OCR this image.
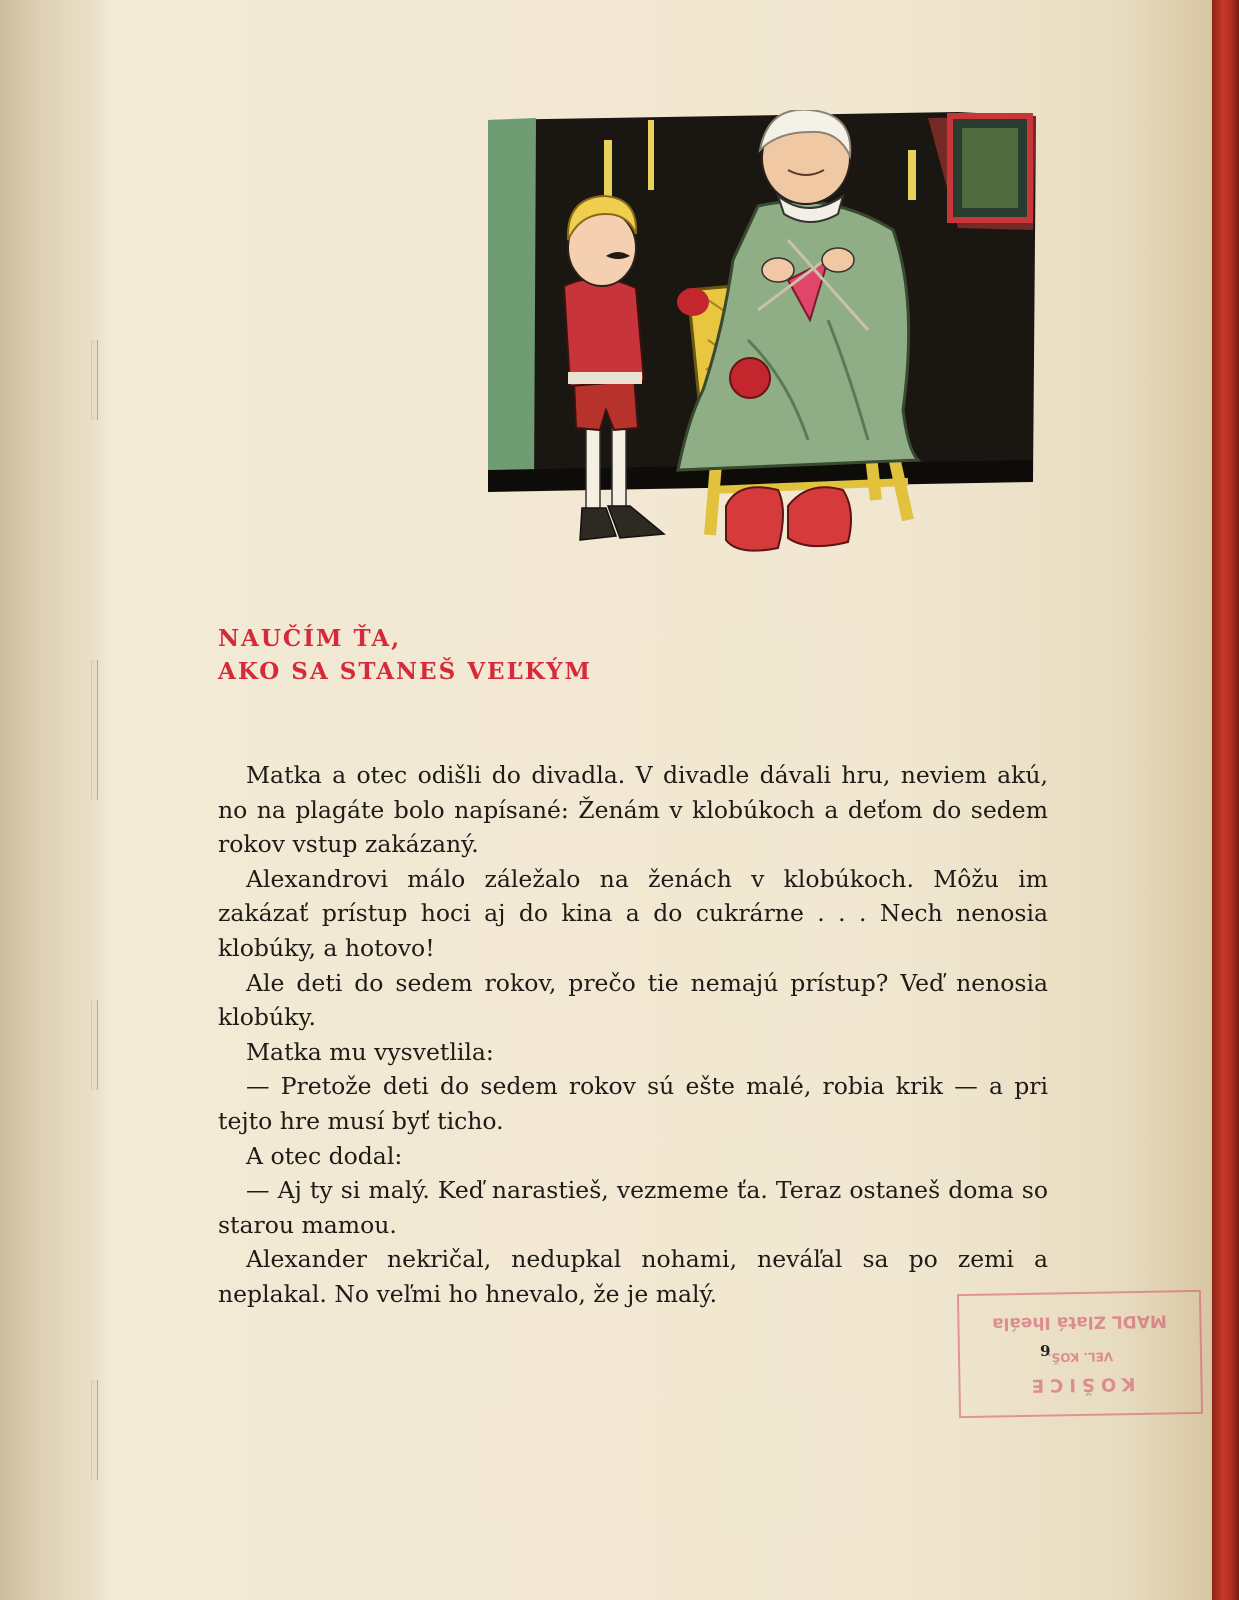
NAUČÍM ŤA,
AKO SA STANEŠ VEĽKÝM

Matka a otec odišli do divadla. V divadle dávali hru, neviem akú, no na plagáte bolo napísané: Ženám v klobúkoch a deťom do sedem rokov vstup zakázaný.

Alexandrovi málo záležalo na ženách v klobúkoch. Môžu im zakázať prístup hoci aj do kina a do cukrárne . . . Nech nenosia klobúky, a hotovo!

Ale deti do sedem rokov, prečo tie nemajú prístup? Veď nenosia klobúky.

Matka mu vysvetlila:

— Pretože deti do sedem rokov sú ešte malé, robia krik — a pri tejto hre musí byť ticho.

A otec dodal:

— Aj ty si malý. Keď narastieš, vezmeme ťa. Teraz ostaneš doma so starou mamou.

Alexander nekričal, nedupkal nohami, neváľal sa po zemi a neplakal. No veľmi ho hnevalo, že je malý.

KOŠICE
VEL. KOŠ.
MADL Zlatá Iheála
9
